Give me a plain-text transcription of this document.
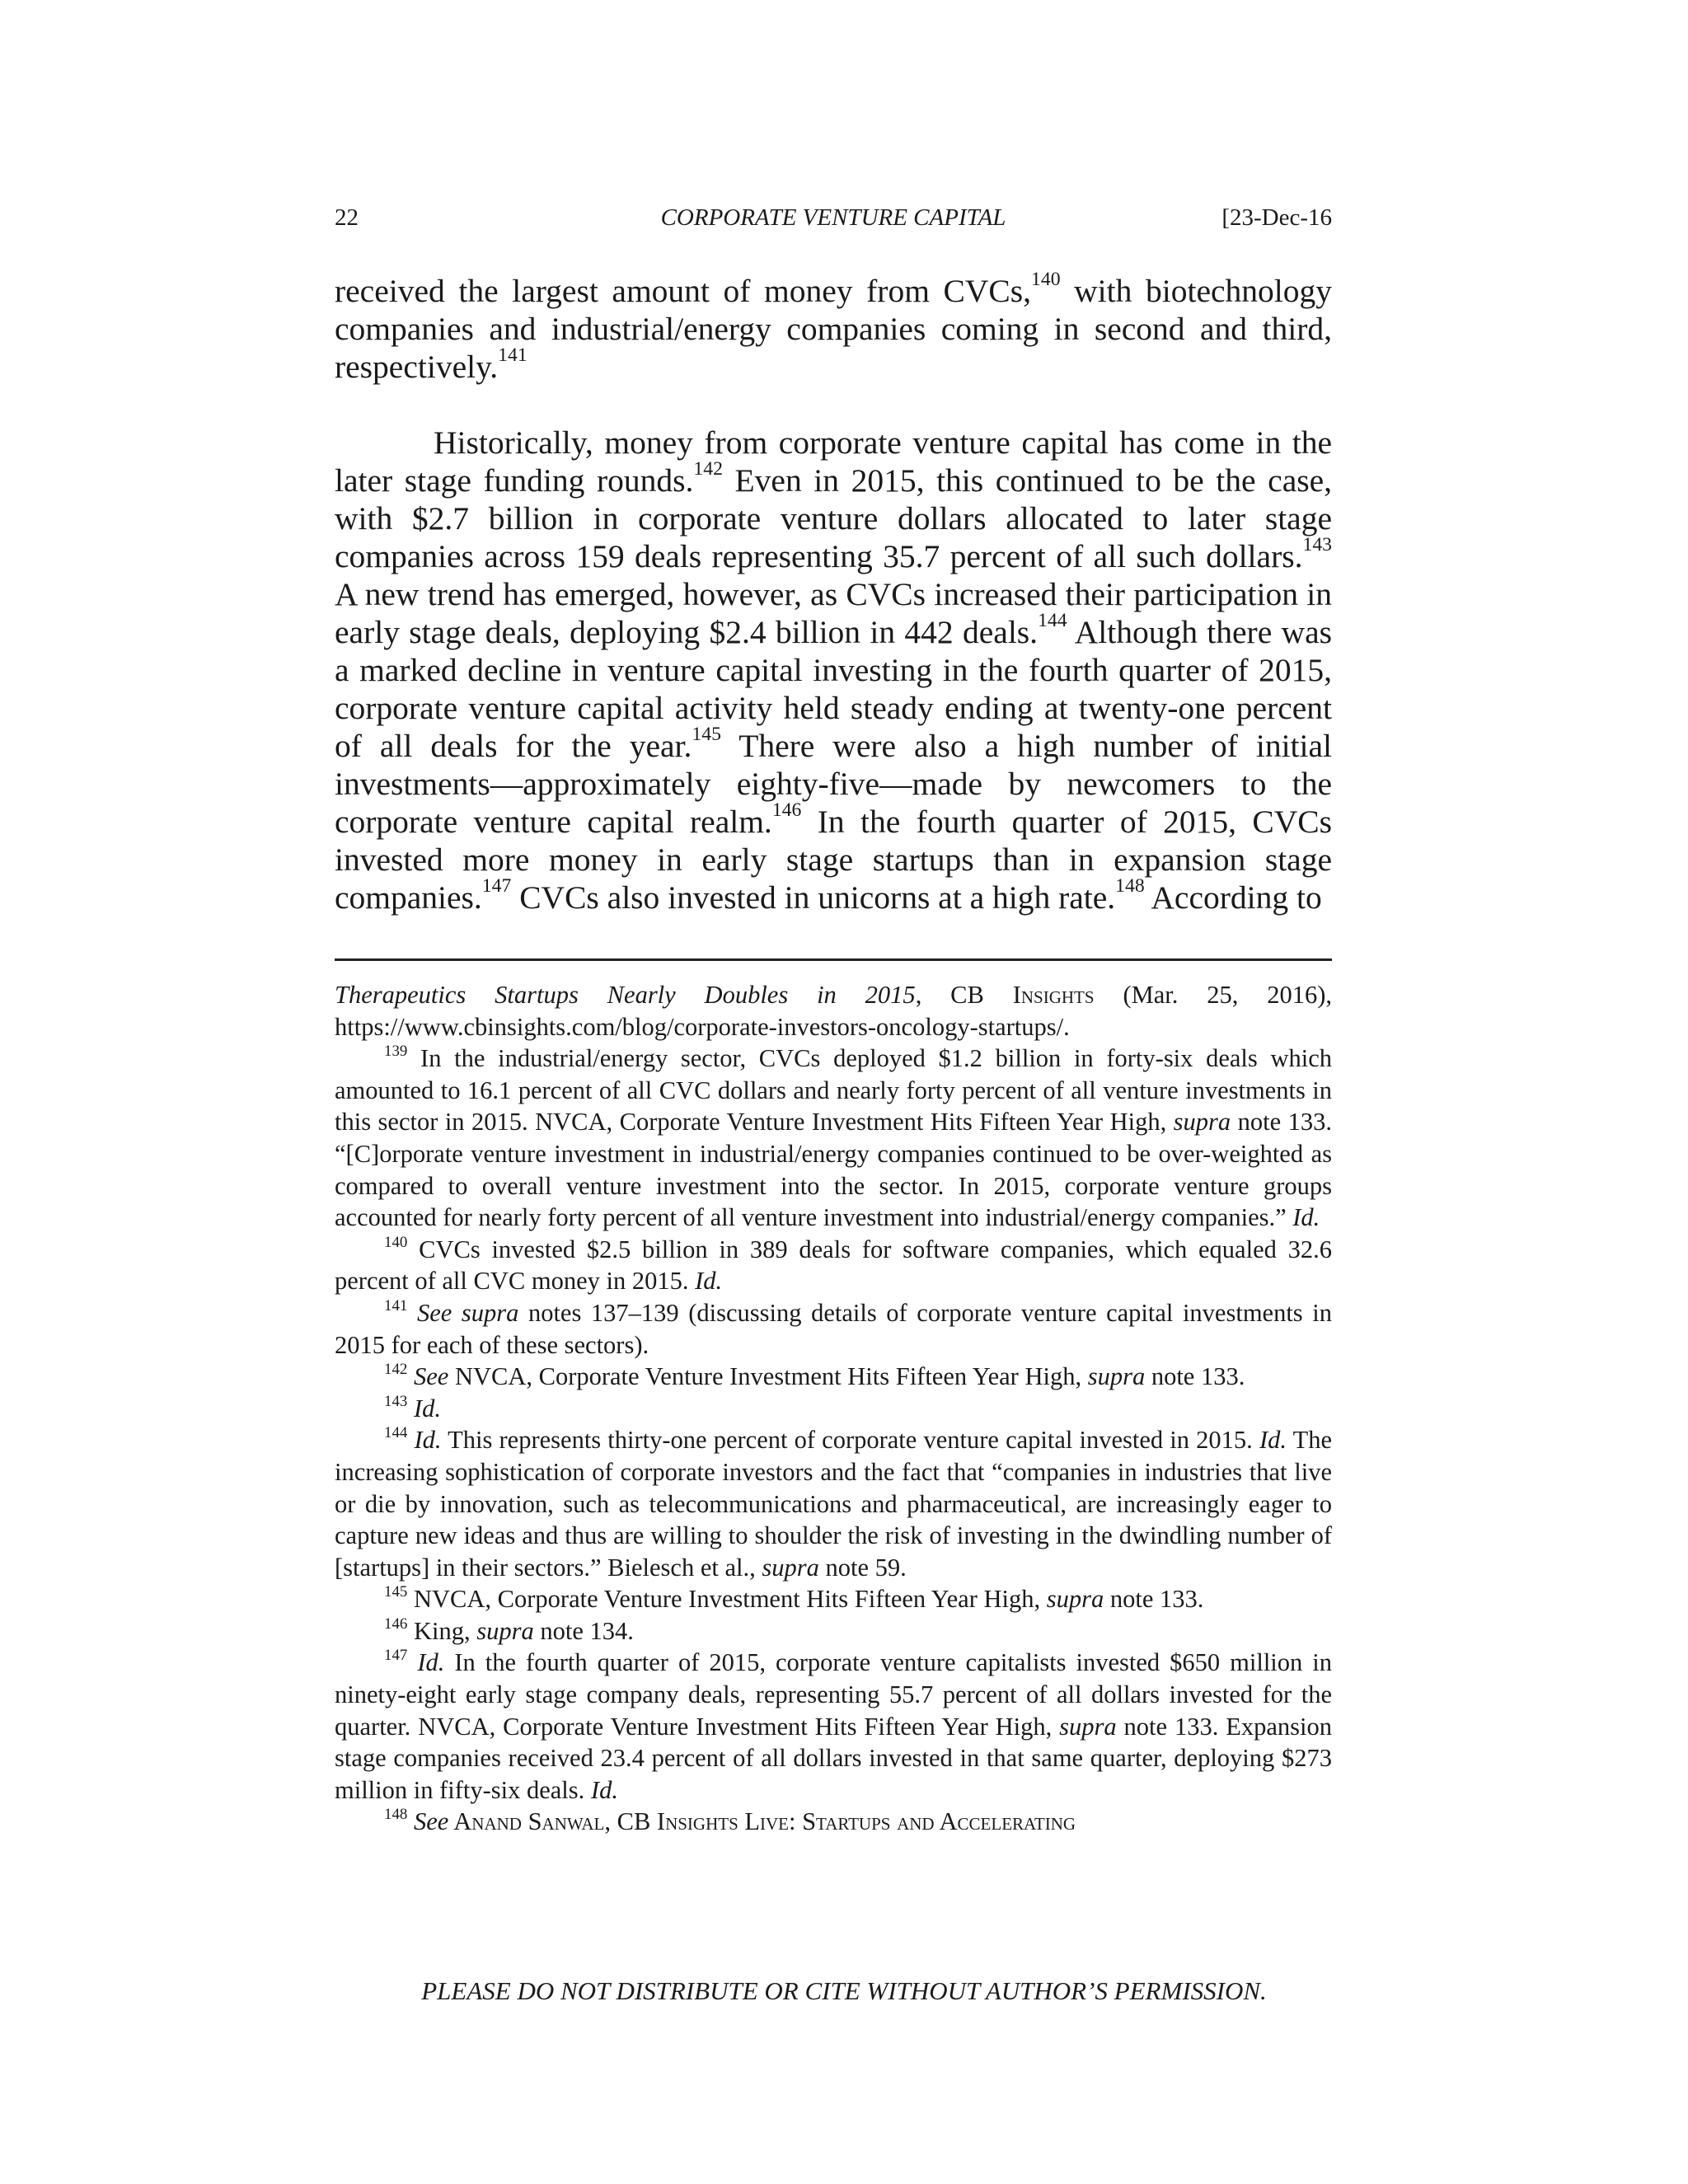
22	CORPORATE VENTURE CAPITAL	[23-Dec-16

received the largest amount of money from CVCs,$^{140}$ with biotechnology companies and industrial/energy companies coming in second and third, respectively.$^{141}$

Historically, money from corporate venture capital has come in the later stage funding rounds.$^{142}$ Even in 2015, this continued to be the case, with $2.7 billion in corporate venture dollars allocated to later stage companies across 159 deals representing 35.7 percent of all such dollars.$^{143}$ A new trend has emerged, however, as CVCs increased their participation in early stage deals, deploying $2.4 billion in 442 deals.$^{144}$ Although there was a marked decline in venture capital investing in the fourth quarter of 2015, corporate venture capital activity held steady ending at twenty-one percent of all deals for the year.$^{145}$ There were also a high number of initial investments—approximately eighty-five—made by newcomers to the corporate venture capital realm.$^{146}$ In the fourth quarter of 2015, CVCs invested more money in early stage startups than in expansion stage companies.$^{147}$ CVCs also invested in unicorns at a high rate.$^{148}$ According to

Therapeutics Startups Nearly Doubles in 2015, CB Insights (Mar. 25, 2016), https://www.cbinsights.com/blog/corporate-investors-oncology-startups/.

$^{139}$ In the industrial/energy sector, CVCs deployed $1.2 billion in forty-six deals which amounted to 16.1 percent of all CVC dollars and nearly forty percent of all venture investments in this sector in 2015. NVCA, Corporate Venture Investment Hits Fifteen Year High, supra note 133. “[C]orporate venture investment in industrial/energy companies continued to be over-weighted as compared to overall venture investment into the sector. In 2015, corporate venture groups accounted for nearly forty percent of all venture investment into industrial/energy companies.” Id.

$^{140}$ CVCs invested $2.5 billion in 389 deals for software companies, which equaled 32.6 percent of all CVC money in 2015. Id.

$^{141}$ See supra notes 137–139 (discussing details of corporate venture capital investments in 2015 for each of these sectors).

$^{142}$ See NVCA, Corporate Venture Investment Hits Fifteen Year High, supra note 133.

$^{143}$ Id.

$^{144}$ Id. This represents thirty-one percent of corporate venture capital invested in 2015. Id. The increasing sophistication of corporate investors and the fact that “companies in industries that live or die by innovation, such as telecommunications and pharmaceutical, are increasingly eager to capture new ideas and thus are willing to shoulder the risk of investing in the dwindling number of [startups] in their sectors.” Bielesch et al., supra note 59.

$^{145}$ NVCA, Corporate Venture Investment Hits Fifteen Year High, supra note 133.

$^{146}$ King, supra note 134.

$^{147}$ Id. In the fourth quarter of 2015, corporate venture capitalists invested $650 million in ninety-eight early stage company deals, representing 55.7 percent of all dollars invested for the quarter. NVCA, Corporate Venture Investment Hits Fifteen Year High, supra note 133. Expansion stage companies received 23.4 percent of all dollars invested in that same quarter, deploying $273 million in fifty-six deals. Id.

$^{148}$ See Anand Sanwal, CB Insights Live: Startups and Accelerating

PLEASE DO NOT DISTRIBUTE OR CITE WITHOUT AUTHOR’S PERMISSION.
